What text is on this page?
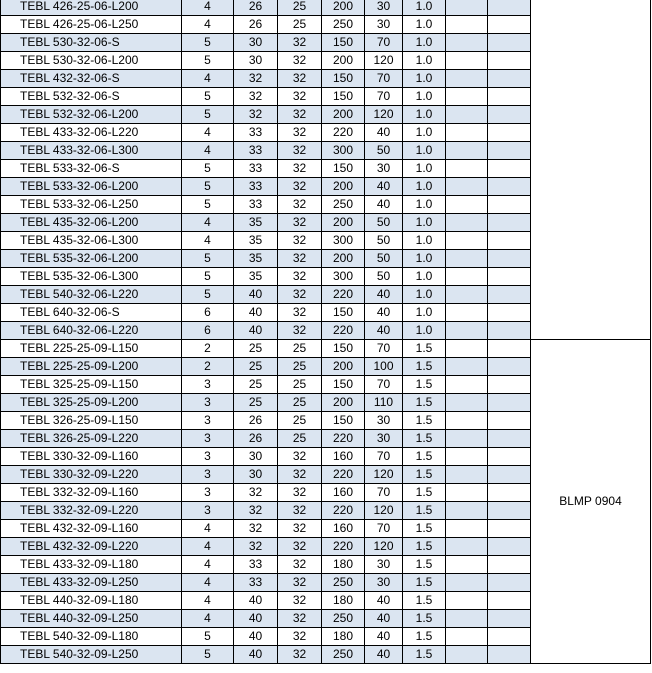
TEBL 426-25-06-L200	4	26	25	200	30	1.0			
TEBL 426-25-06-L250	4	26	25	250	30	1.0			
TEBL 530-32-06-S	5	30	32	150	70	1.0			
TEBL 530-32-06-L200	5	30	32	200	120	1.0			
TEBL 432-32-06-S	4	32	32	150	70	1.0			
TEBL 532-32-06-S	5	32	32	150	70	1.0			
TEBL 532-32-06-L200	5	32	32	200	120	1.0			
TEBL 433-32-06-L220	4	33	32	220	40	1.0			
TEBL 433-32-06-L300	4	33	32	300	50	1.0			
TEBL 533-32-06-S	5	33	32	150	30	1.0			
TEBL 533-32-06-L200	5	33	32	200	40	1.0			
TEBL 533-32-06-L250	5	33	32	250	40	1.0			
TEBL 435-32-06-L200	4	35	32	200	50	1.0			
TEBL 435-32-06-L300	4	35	32	300	50	1.0			
TEBL 535-32-06-L200	5	35	32	200	50	1.0			
TEBL 535-32-06-L300	5	35	32	300	50	1.0			
TEBL 540-32-06-L220	5	40	32	220	40	1.0			
TEBL 640-32-06-S	6	40	32	150	40	1.0			
TEBL 640-32-06-L220	6	40	32	220	40	1.0			
TEBL 225-25-09-L150	2	25	25	150	70	1.5			BLMP 0904
TEBL 225-25-09-L200	2	25	25	200	100	1.5			
TEBL 325-25-09-L150	3	25	25	150	70	1.5			
TEBL 325-25-09-L200	3	25	25	200	110	1.5			
TEBL 326-25-09-L150	3	26	25	150	30	1.5			
TEBL 326-25-09-L220	3	26	25	220	30	1.5			
TEBL 330-32-09-L160	3	30	32	160	70	1.5			
TEBL 330-32-09-L220	3	30	32	220	120	1.5			
TEBL 332-32-09-L160	3	32	32	160	70	1.5			
TEBL 332-32-09-L220	3	32	32	220	120	1.5			
TEBL 432-32-09-L160	4	32	32	160	70	1.5			
TEBL 432-32-09-L220	4	32	32	220	120	1.5			
TEBL 433-32-09-L180	4	33	32	180	30	1.5			
TEBL 433-32-09-L250	4	33	32	250	30	1.5			
TEBL 440-32-09-L180	4	40	32	180	40	1.5			
TEBL 440-32-09-L250	4	40	32	250	40	1.5			
TEBL 540-32-09-L180	5	40	32	180	40	1.5			
TEBL 540-32-09-L250	5	40	32	250	40	1.5			
